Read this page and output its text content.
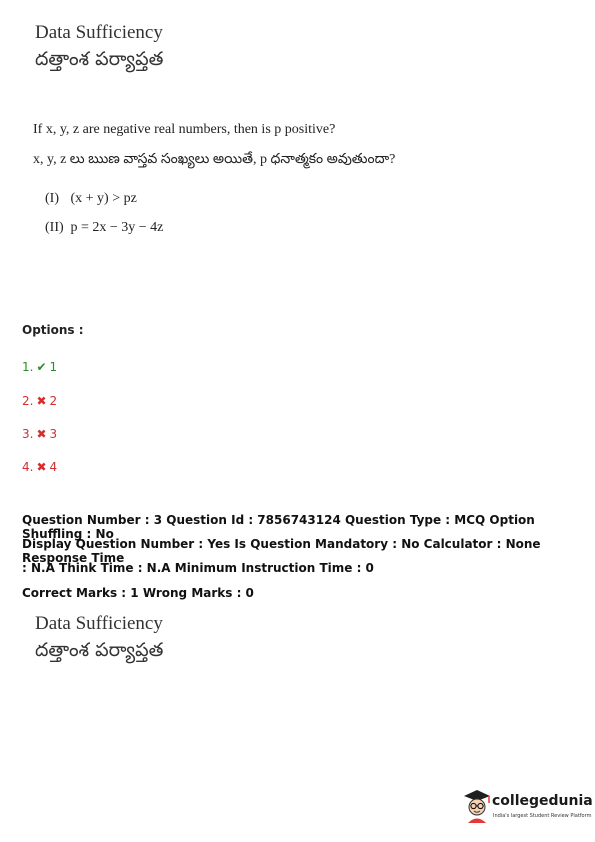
Data Sufficiency
దత్తాంశ పర్యాప్తత
If x, y, z are negative real numbers, then is p positive?
x, y, z లు ఋణ వాస్తవ సంఖ్యలు అయితే, p ధనాత్మకం అవుతుందా?
(I) (x + y) > pz
(II) p = 2x − 3y − 4z
Options :
1. ✔ 1
2. ✖ 2
3. ✖ 3
4. ✖ 4
Question Number : 3 Question Id : 7856743124 Question Type : MCQ Option Shuffling : No
Display Question Number : Yes Is Question Mandatory : No Calculator : None Response Time
: N.A Think Time : N.A Minimum Instruction Time : 0
Correct Marks : 1 Wrong Marks : 0
Data Sufficiency
దత్తాంశ పర్యాప్తత
collegedunia
India's largest Student Review Platform
